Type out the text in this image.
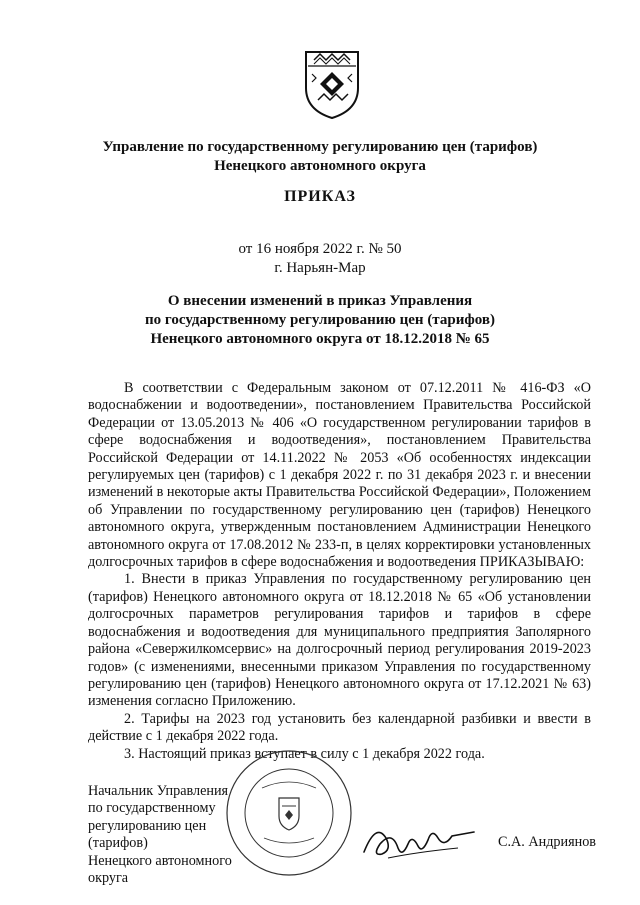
Управление по государственному регулированию цен (тарифов)
Ненецкого автономного округа
ПРИКАЗ
от 16 ноября 2022 г. № 50
г. Нарьян-Мар
О внесении изменений в приказ Управления
по государственному регулированию цен (тарифов)
Ненецкого автономного округа от 18.12.2018 № 65

В соответствии с Федеральным законом от 07.12.2011 № 416-ФЗ «О водоснабжении и водоотведении», постановлением Правительства Российской Федерации от 13.05.2013 № 406 «О государственном регулировании тарифов в сфере водоснабжения и водоотведения», постановлением Правительства Российской Федерации от 14.11.2022 № 2053 «Об особенностях индексации регулируемых цен (тарифов) с 1 декабря 2022 г. по 31 декабря 2023 г. и внесении изменений в некоторые акты Правительства Российской Федерации», Положением об Управлении по государственному регулированию цен (тарифов) Ненецкого автономного округа, утвержденным постановлением Администрации Ненецкого автономного округа от 17.08.2012 № 233-п, в целях корректировки установленных долгосрочных тарифов в сфере водоснабжения и водоотведения ПРИКАЗЫВАЮ:

1. Внести в приказ Управления по государственному регулированию цен (тарифов) Ненецкого автономного округа от 18.12.2018 № 65 «Об установлении долгосрочных параметров регулирования тарифов и тарифов в сфере водоснабжения и водоотведения для муниципального предприятия Заполярного района «Севержилкомсервис» на долгосрочный период регулирования 2019-2023 годов» (с изменениями, внесенными приказом Управления по государственному регулированию цен (тарифов) Ненецкого автономного округа от 17.12.2021 № 63) изменения согласно Приложению.

2. Тарифы на 2023 год установить без календарной разбивки и ввести в действие с 1 декабря 2022 года.

3. Настоящий приказ вступает в силу с 1 декабря 2022 года.

Начальник Управления
по государственному
регулированию цен (тарифов)
Ненецкого автономного округа
С.А. Андриянов
